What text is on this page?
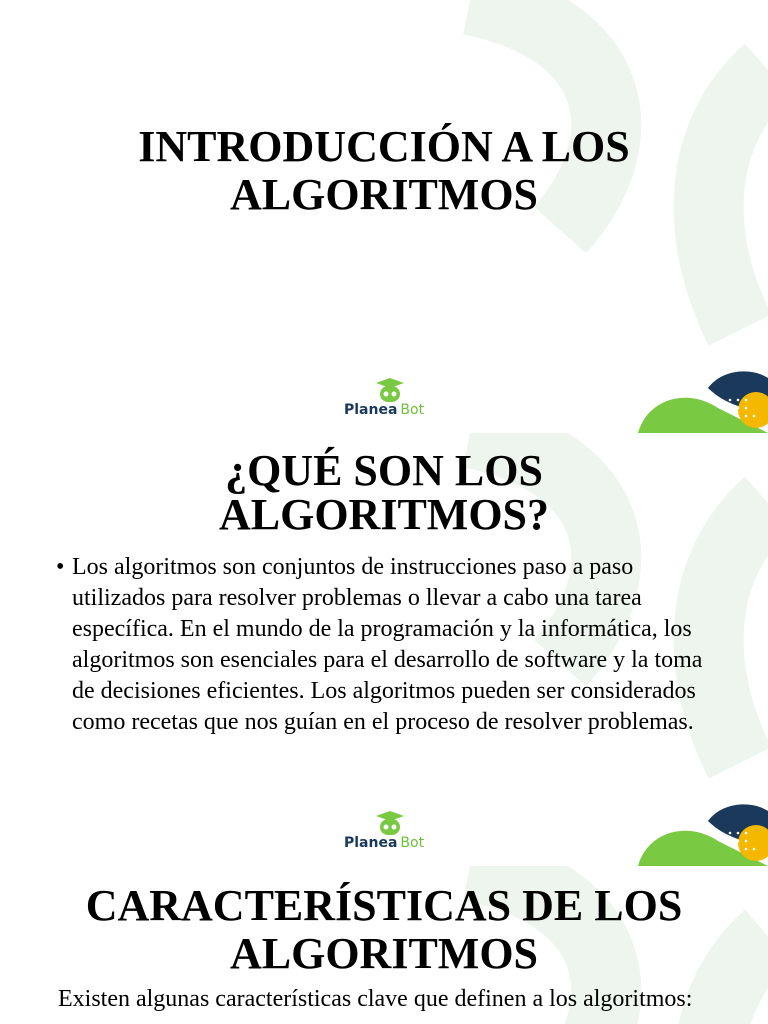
INTRODUCCIÓN A LOS
ALGORITMOS
Planea Bot
¿QUÉ SON LOS
ALGORITMOS?
• Los algoritmos son conjuntos de instrucciones paso a paso utilizados para resolver problemas o llevar a cabo una tarea específica. En el mundo de la programación y la informática, los algoritmos son esenciales para el desarrollo de software y la toma de decisiones eficientes. Los algoritmos pueden ser considerados como recetas que nos guían en el proceso de resolver problemas.

Planea Bot
CARACTERÍSTICAS DE LOS
ALGORITMOS

Existen algunas características clave que definen a los algoritmos:
